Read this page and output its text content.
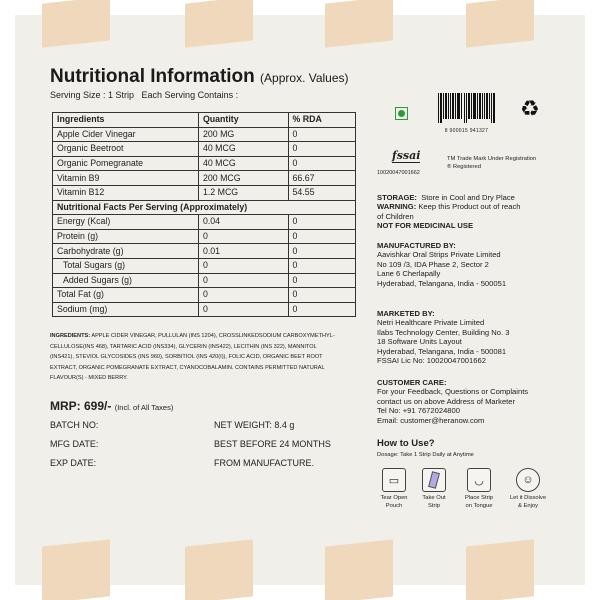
Nutritional Information (Approx. Values)
Serving Size : 1 Strip   Each Serving Contains :
Ingredients	Quantity	% RDA
Apple Cider Vinegar	200 MG	0
Organic Beetroot	40 MCG	0
Organic Pomegranate	40 MCG	0
Vitamin B9	200 MCG	66.67
Vitamin B12	1.2 MCG	54.55
Nutritional Facts Per Serving (Approximately)		
Energy (Kcal)	0.04	0
Protein (g)	0	0
Carbohydrate (g)	0.01	0
Total Sugars (g)	0	0
Added Sugars (g)	0	0
Total Fat (g)	0	0
Sodium (mg)	0	0
INGREDIENTS: APPLE CIDER VINEGAR, PULLULAN (INS 1204), CROSSLINKEDSODIUM CARBOXYMETHYL-CELLULOSE(INS 468), TARTARIC ACID (INS334), GLYCERIN (INS422), LECITHIN (INS 322), MANNITOL (INS421), STEVIOL GLYCOSIDES (INS 960), SORBITIOL (INS 420(I)), FOLIC ACID, ORGANIC BEET ROOT EXTRACT, ORGANIC POMEGRANATE EXTRACT, CYANOCOBALAMIN. CONTAINS PERMITTED NATURAL FLAVOUR(S) - MIXED BERRY.
MRP: 699/- (Incl. of All Taxes)
BATCH NO:
MFG DATE:
EXP DATE:
NET WEIGHT: 8.4 g
BEST BEFORE 24 MONTHS
FROM MANUFACTURE.
8 900015 941327
♻
fssai
10020047001662
TM Trade Mark Under Registration
® Registered
STORAGE: Store in Cool and Dry Place
WARNING: Keep this Product out of reach
of Children
NOT FOR MEDICINAL USE
MANUFACTURED BY:
Aavishkar Oral Strips Private Limited
No 109 /3, IDA Phase 2, Sector 2
Lane 6 Cherlapally
Hyderabad, Telangana, India - 500051
MARKETED BY:
Netri Healthcare Private Limited
Ilabs Technology Center, Building No. 3
18 Software Units Layout
Hyderabad, Telangana, India - 500081
FSSAI Lic No: 10020047001662
CUSTOMER CARE:
For your Feedback, Questions or Complaints
contact us on above Address of Marketer
Tel No: +91 7672024800
Email: customer@heranow.com
How to Use?
Dosage: Take 1 Strip Daily at Anytime
▭
Tear Open
Pouch
Take Out
Strip
◡
Place Strip
on Tongue
☺
Let it Dissolve
& Enjoy
